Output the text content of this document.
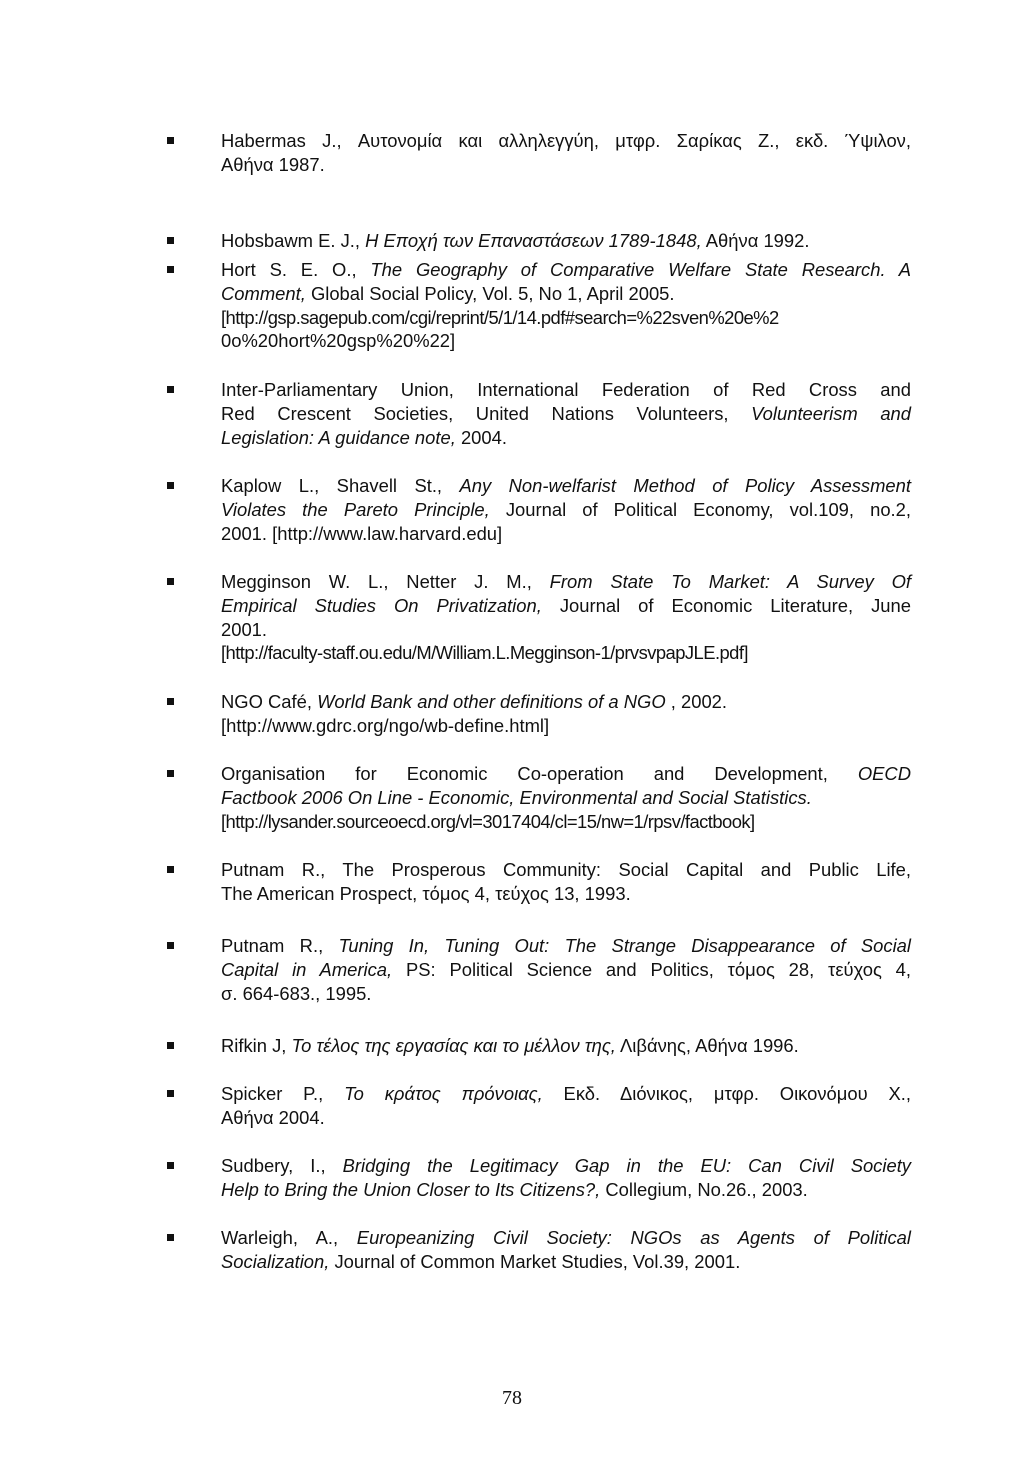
Habermas J., Αυτονομία και αλληλεγγύη, μτφρ. Σαρίκας Ζ., εκδ. Ύψιλον,
Αθήνα 1987.
Hobsbawm E. J., Η Εποχή των Επαναστάσεων 1789-1848, Αθήνα 1992.
Hort S. E. O., The Geography of Comparative Welfare State Research. A
Comment, Global Social Policy, Vol. 5, No 1, April 2005.
[http://gsp.sagepub.com/cgi/reprint/5/1/14.pdf#search=%22sven%20e%2
0o%20hort%20gsp%20%22]
Inter-Parliamentary Union, International Federation of Red Cross and
Red Crescent Societies, United Nations Volunteers, Volunteerism and
Legislation: A guidance note, 2004.
Kaplow L., Shavell St., Any Non-welfarist Method of Policy Assessment
Violates the Pareto Principle, Journal of Political Economy, vol.109, no.2,
2001. [http://www.law.harvard.edu]
Megginson W. L., Netter J. M., From State To Market: A Survey Of
Empirical Studies On Privatization, Journal of Economic Literature, June
2001.
[http://faculty-staff.ou.edu/M/William.L.Megginson-1/prvsvpapJLE.pdf]
NGO Café, World Bank and other definitions of a NGO , 2002.
[http://www.gdrc.org/ngo/wb-define.html]
Organisation for Economic Co-operation and Development, OECD
Factbook 2006 On Line - Economic, Environmental and Social Statistics.
[http://lysander.sourceoecd.org/vl=3017404/cl=15/nw=1/rpsv/factbook]
Putnam R., The Prosperous Community: Social Capital and Public Life,
The American Prospect, τόμος 4, τεύχος 13, 1993.
Putnam R., Tuning In, Tuning Out: The Strange Disappearance of Social
Capital in America, PS: Political Science and Politics, τόμος 28, τεύχος 4,
σ. 664-683., 1995.
Rifkin J, Το τέλος της εργασίας και το μέλλον της, Λιβάνης, Αθήνα 1996.
Spicker P., Το κράτος πρόνοιας, Εκδ. Διόνικος, μτφρ. Οικονόμου Χ.,
Αθήνα 2004.
Sudbery, I., Bridging the Legitimacy Gap in the EU: Can Civil Society
Help to Bring the Union Closer to Its Citizens?, Collegium, No.26., 2003.
Warleigh, A., Europeanizing Civil Society: NGOs as Agents of Political
Socialization, Journal of Common Market Studies, Vol.39, 2001.
78
